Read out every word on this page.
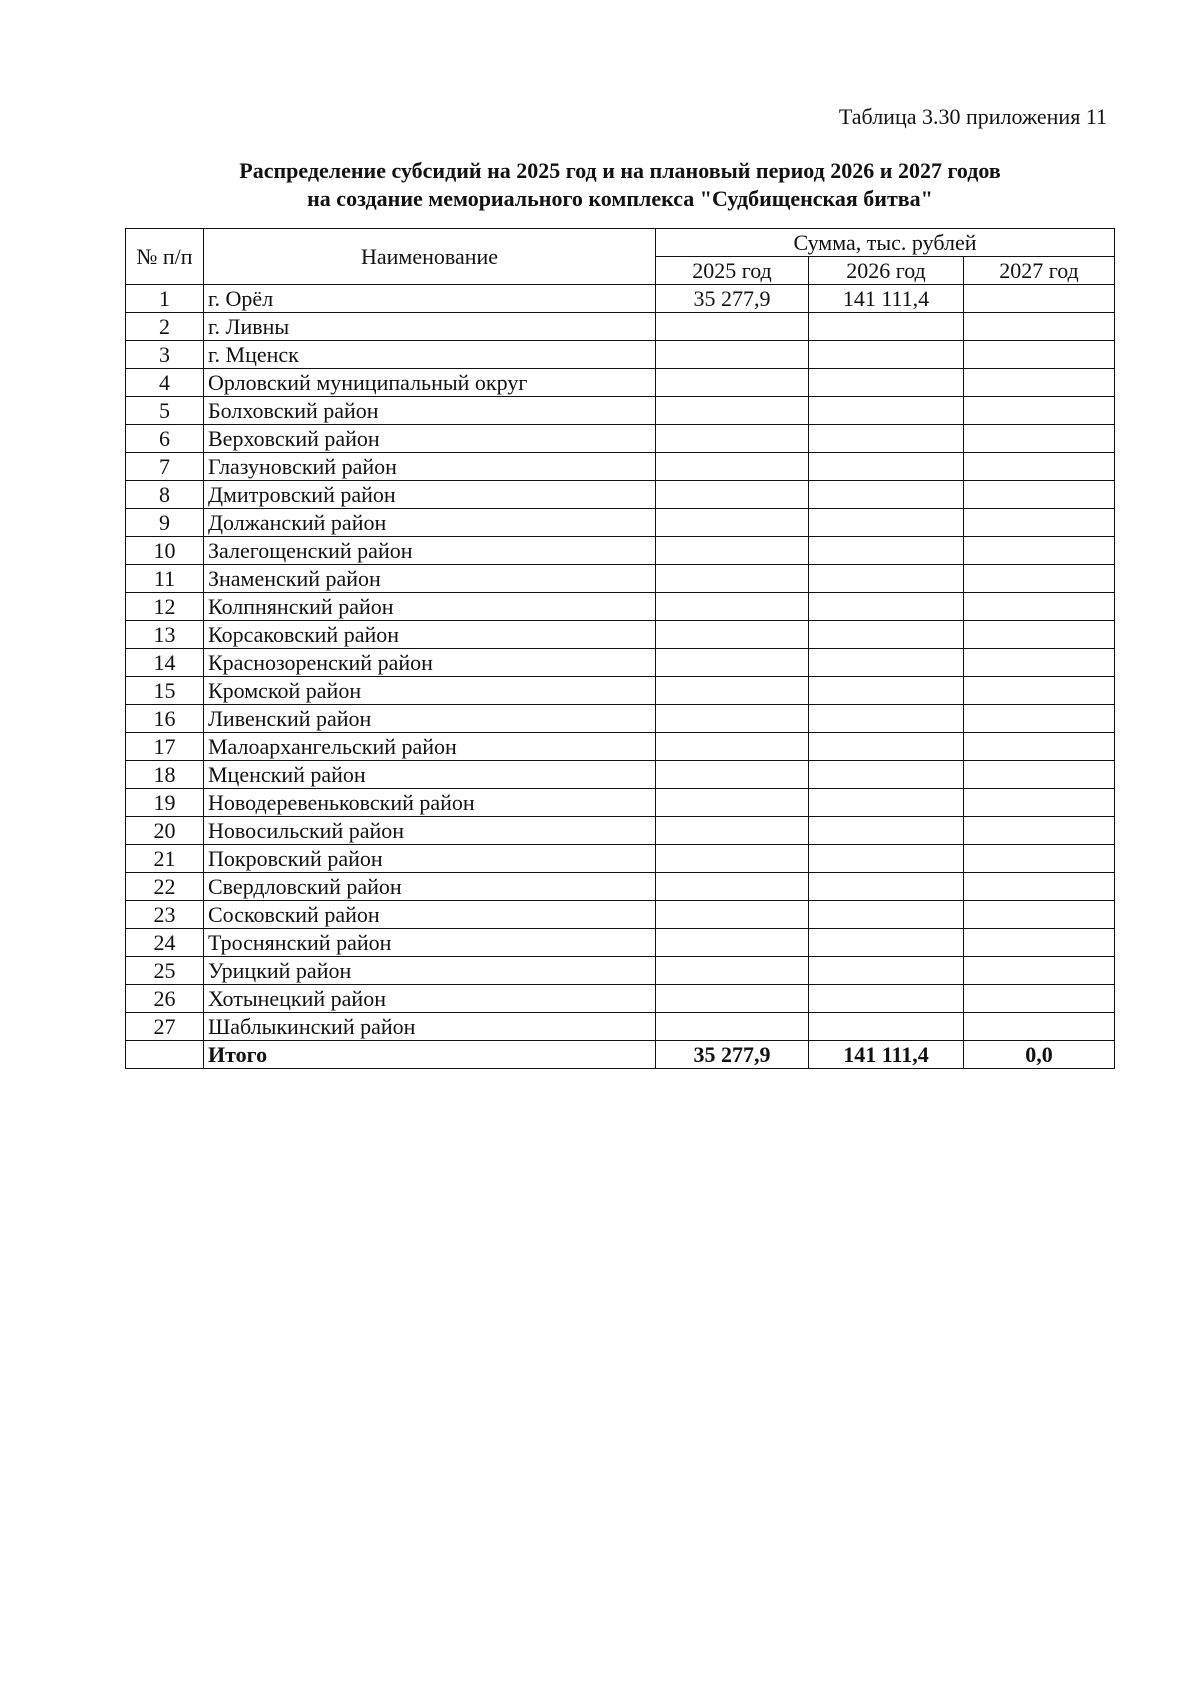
Таблица 3.30 приложения 11
Распределение субсидий на 2025 год и на плановый период 2026 и 2027 годов
на создание мемориального комплекса "Судбищенская битва"
№ п/п	Наименование	Сумма, тыс. рублей		
		2025 год	2026 год	2027 год
1	г. Орёл	35 277,9	141 111,4	
2	г. Ливны			
3	г. Мценск			
4	Орловский муниципальный округ			
5	Болховский район			
6	Верховский район			
7	Глазуновский район			
8	Дмитровский район			
9	Должанский район			
10	Залегощенский район			
11	Знаменский район			
12	Колпнянский район			
13	Корсаковский район			
14	Краснозоренский район			
15	Кромской район			
16	Ливенский район			
17	Малоархангельский район			
18	Мценский район			
19	Новодеревеньковский район			
20	Новосильский район			
21	Покровский район			
22	Свердловский район			
23	Сосковский район			
24	Троснянский район			
25	Урицкий район			
26	Хотынецкий район			
27	Шаблыкинский район			
	Итого	35 277,9	141 111,4	0,0
